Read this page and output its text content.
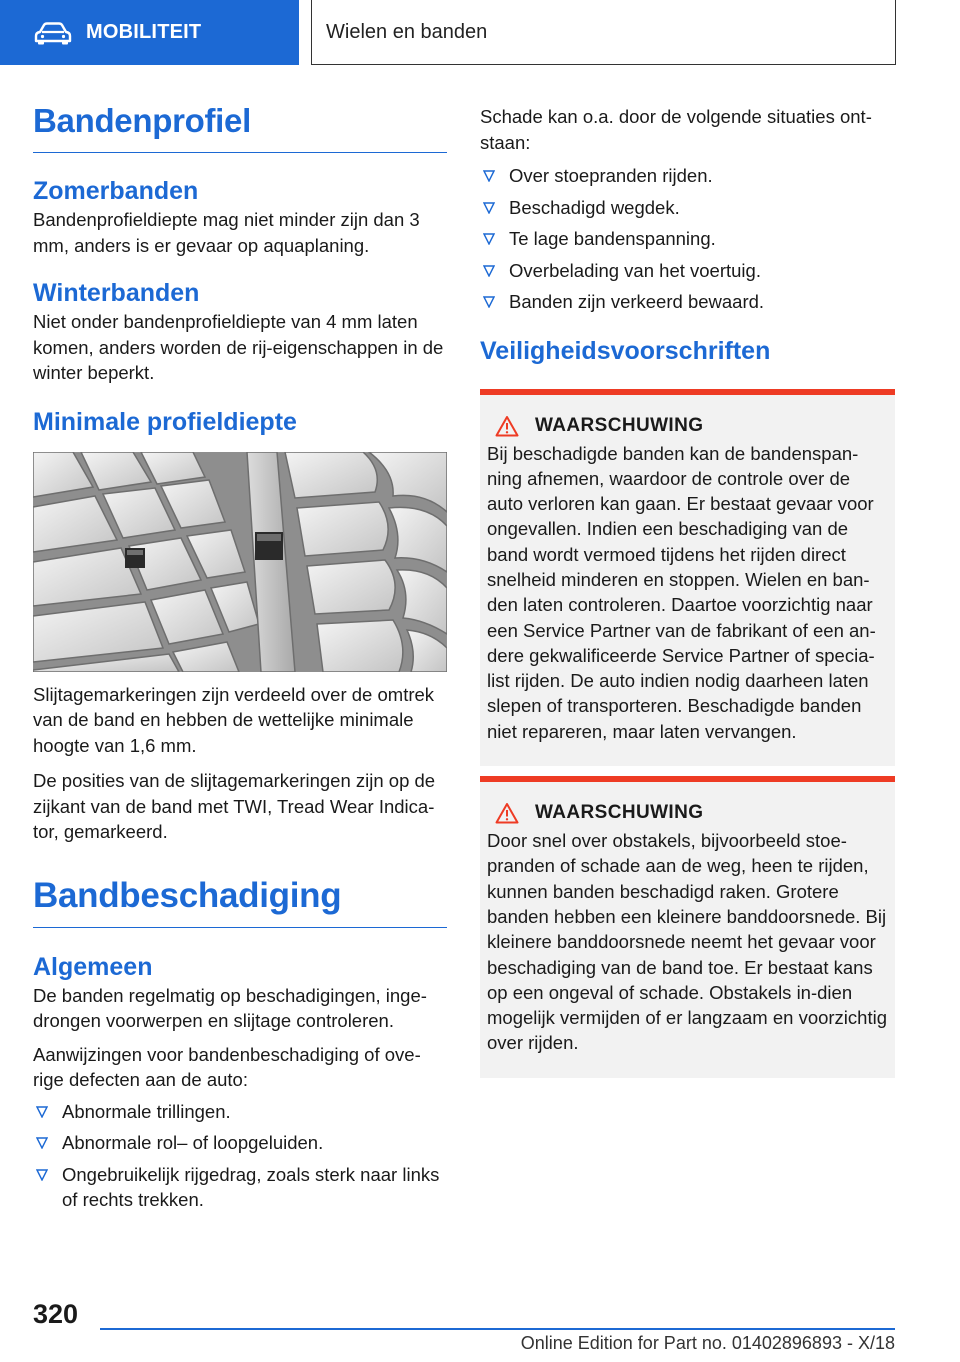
MOBILITEIT	Wielen en banden
Bandenprofiel
Zomerbanden

Bandenprofieldiepte mag niet minder zijn dan 3 mm, anders is er gevaar op aquaplaning.

Winterbanden

Niet onder bandenprofieldiepte van 4 mm laten komen, anders worden de rij-eigenschappen in de winter beperkt.

Minimale profieldiepte

Slijtagemarkeringen zijn verdeeld over de omtrek van de band en hebben de wettelijke minimale hoogte van 1,6 mm.

De posities van de slijtagemarkeringen zijn op de zijkant van de band met TWI, Tread Wear Indica-tor, gemarkeerd.

Bandbeschadiging
Algemeen

De banden regelmatig op beschadigingen, inge-drongen voorwerpen en slijtage controleren.

Aanwijzingen voor bandenbeschadiging of ove-rige defecten aan de auto:

Abnormale trillingen.
Abnormale rol– of loopgeluiden.
Ongebruikelijk rijgedrag, zoals sterk naar links of rechts trekken.

Schade kan o.a. door de volgende situaties ont-staan:

Over stoepranden rijden.
Beschadigd wegdek.
Te lage bandenspanning.
Overbelading van het voertuig.
Banden zijn verkeerd bewaard.
Veiligheidsvoorschriften
WAARSCHUWING

Bij beschadigde banden kan de bandenspan-ning afnemen, waardoor de controle over de auto verloren kan gaan. Er bestaat gevaar voor ongevallen. Indien een beschadiging van de band wordt vermoed tijdens het rijden direct snelheid minderen en stoppen. Wielen en ban-den laten controleren. Daartoe voorzichtig naar een Service Partner van de fabrikant of een an-dere gekwalificeerde Service Partner of specia-list rijden. De auto indien nodig daarheen laten slepen of transporteren. Beschadigde banden niet repareren, maar laten vervangen.

WAARSCHUWING

Door snel over obstakels, bijvoorbeeld stoe-pranden of schade aan de weg, heen te rijden, kunnen banden beschadigd raken. Grotere banden hebben een kleinere banddoorsnede. Bij kleinere banddoorsnede neemt het gevaar voor beschadiging van de band toe. Er bestaat kans op een ongeval of schade. Obstakels in-dien mogelijk vermijden of er langzaam en voorzichtig over rijden.

320
Online Edition for Part no. 01402896893 - X/18
